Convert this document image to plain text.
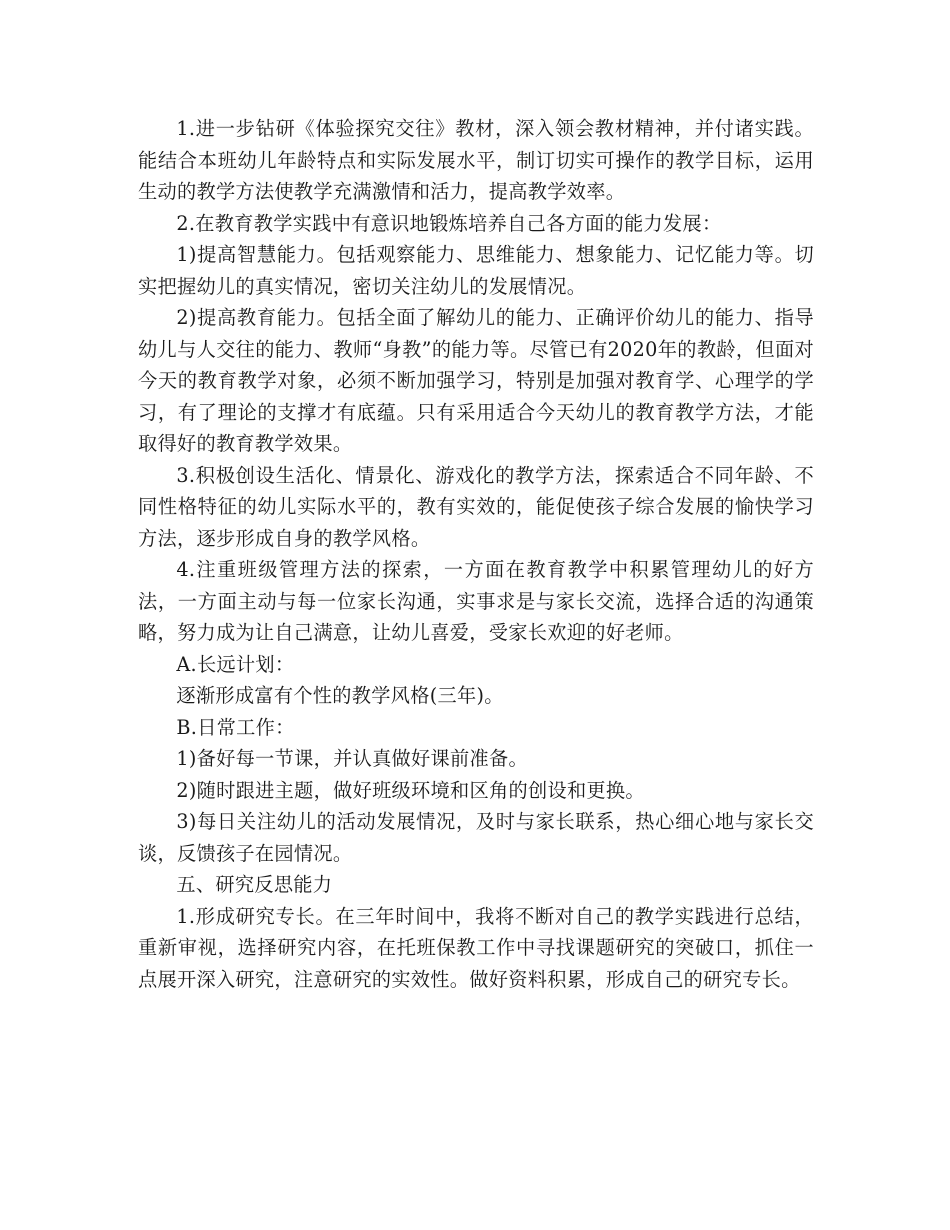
1.进一步钻研《体验探究交往》教材，深入领会教材精神，并付诸实践。能结合本班幼儿年龄特点和实际发展水平，制订切实可操作的教学目标，运用生动的教学方法使教学充满激情和活力，提高教学效率。

2.在教育教学实践中有意识地锻炼培养自己各方面的能力发展：

1)提高智慧能力。包括观察能力、思维能力、想象能力、记忆能力等。切实把握幼儿的真实情况，密切关注幼儿的发展情况。

2)提高教育能力。包括全面了解幼儿的能力、正确评价幼儿的能力、指导幼儿与人交往的能力、教师“身教”的能力等。尽管已有2020年的教龄，但面对今天的教育教学对象，必须不断加强学习，特别是加强对教育学、心理学的学习，有了理论的支撑才有底蕴。只有采用适合今天幼儿的教育教学方法，才能取得好的教育教学效果。

3.积极创设生活化、情景化、游戏化的教学方法，探索适合不同年龄、不同性格特征的幼儿实际水平的，教有实效的，能促使孩子综合发展的愉快学习方法，逐步形成自身的教学风格。

4.注重班级管理方法的探索，一方面在教育教学中积累管理幼儿的好方法，一方面主动与每一位家长沟通，实事求是与家长交流，选择合适的沟通策略，努力成为让自己满意，让幼儿喜爱，受家长欢迎的好老师。

A.长远计划：

逐渐形成富有个性的教学风格(三年)。

B.日常工作：

1)备好每一节课，并认真做好课前准备。

2)随时跟进主题，做好班级环境和区角的创设和更换。

3)每日关注幼儿的活动发展情况，及时与家长联系，热心细心地与家长交谈，反馈孩子在园情况。

五、研究反思能力

1.形成研究专长。在三年时间中，我将不断对自己的教学实践进行总结，重新审视，选择研究内容，在托班保教工作中寻找课题研究的突破口，抓住一点展开深入研究，注意研究的实效性。做好资料积累，形成自己的研究专长。
